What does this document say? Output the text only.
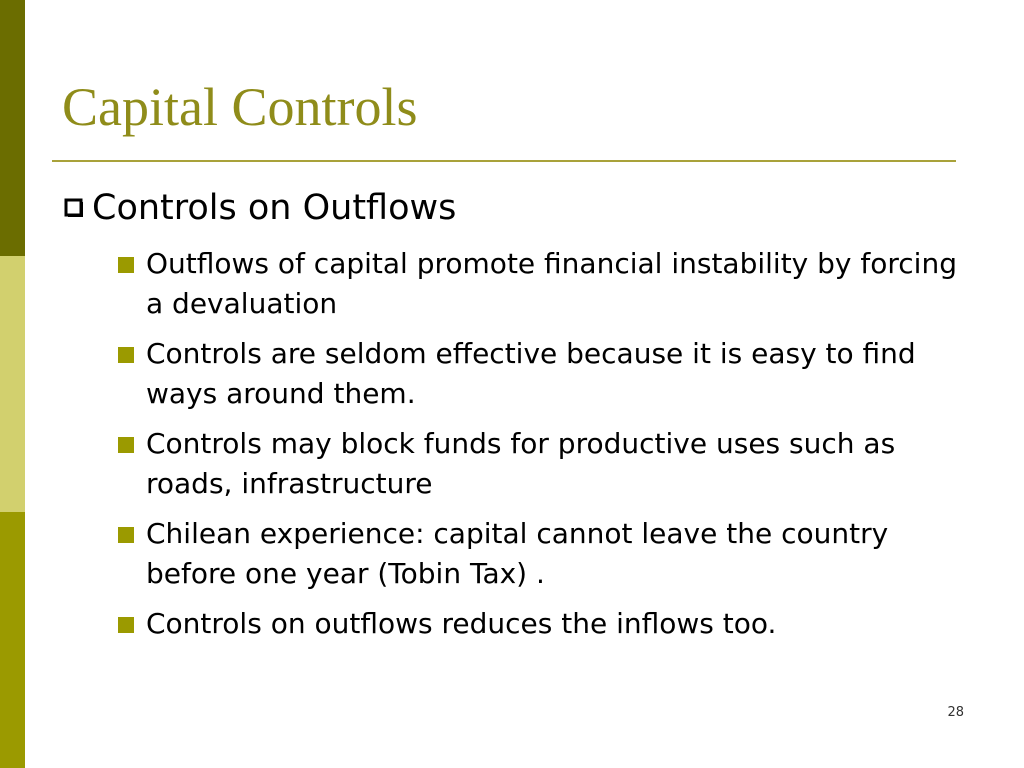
Capital Controls
Controls on Outflows
Outflows of capital promote financial instability by forcing a devaluation
Controls are seldom effective because it is easy to find ways around them.
Controls may block funds for productive uses such as roads, infrastructure
Chilean experience: capital cannot leave the country before one year (Tobin Tax) .
Controls on outflows reduces the inflows too.
28
